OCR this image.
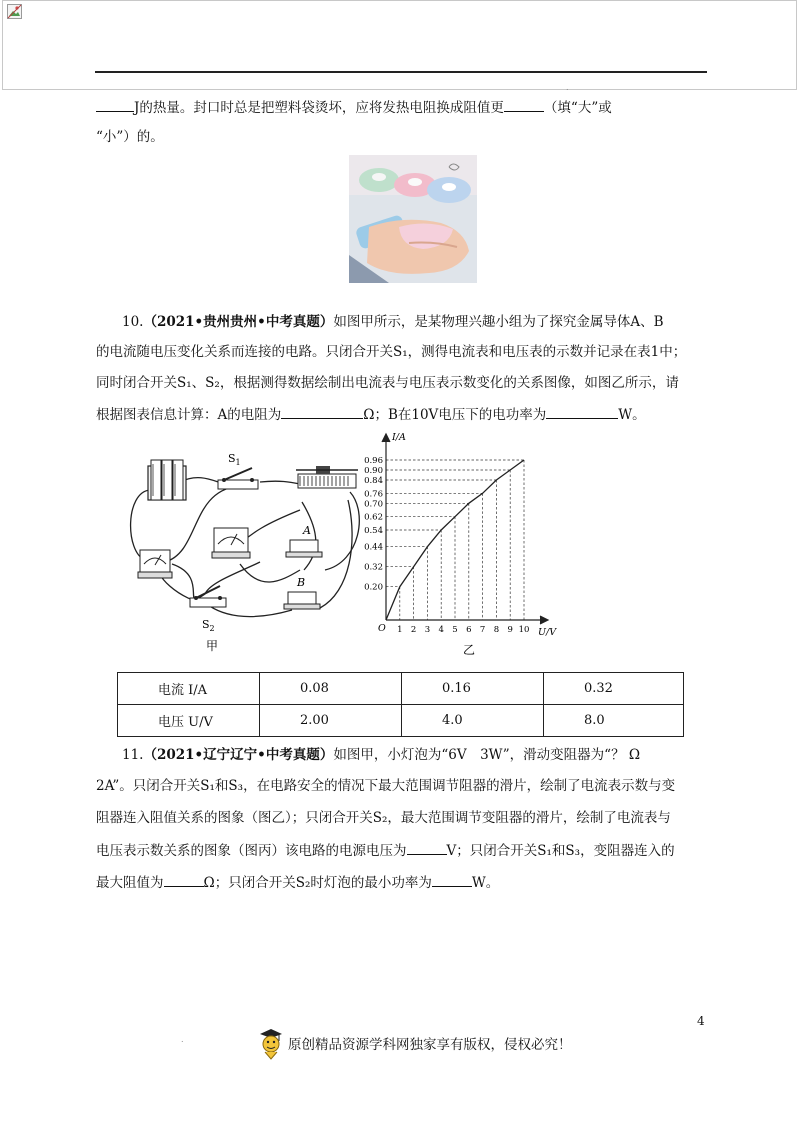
.
J的热量。封口时总是把塑料袋烫坏，应将发热电阻换成阻值更	（填“大”或
“小”）的。
10.（2021•贵州贵州•中考真题）如图甲所示，是某物理兴趣小组为了探究金属导体A、B
的电流随电压变化关系而连接的电路。只闭合开关S₁，测得电流表和电压表的示数并记录在表1中；
同时闭合开关S₁、S₂，根据测得数据绘制出电流表与电压表示数变化的关系图像，如图乙所示，请
根据图表信息计算：A的电阻为	Ω；B在10V电压下的电功率为	W。
$S_1$
A
B
$S_2$
甲
0.20
0.32
0.44
0.54
0.62
0.70
0.76
0.84
0.90
0.96
1 2 3 4 5 6 7 8 9 10
I/A
U/V
O
乙
电流 I/A	0.08	0.16	0.32
电压 U/V	2.00	4.0	8.0
11.（2021•辽宁辽宁•中考真题）如图甲，小灯泡为“6V　3W”，滑动变阻器为“？ Ω
2A”。只闭合开关S₁和S₃，在电路安全的情况下最大范围调节阻器的滑片，绘制了电流表示数与变
阻器连入阻值关系的图象（图乙）；只闭合开关S₂，最大范围调节变阻器的滑片，绘制了电流表与
电压表示数关系的图象（图丙）该电路的电源电压为	V；只闭合开关S₁和S₃，变阻器连入的
最大阻值为	Ω；只闭合开关S₂时灯泡的最小功率为	W。
4
.	原创精品资源学科网独家享有版权，侵权必究！
